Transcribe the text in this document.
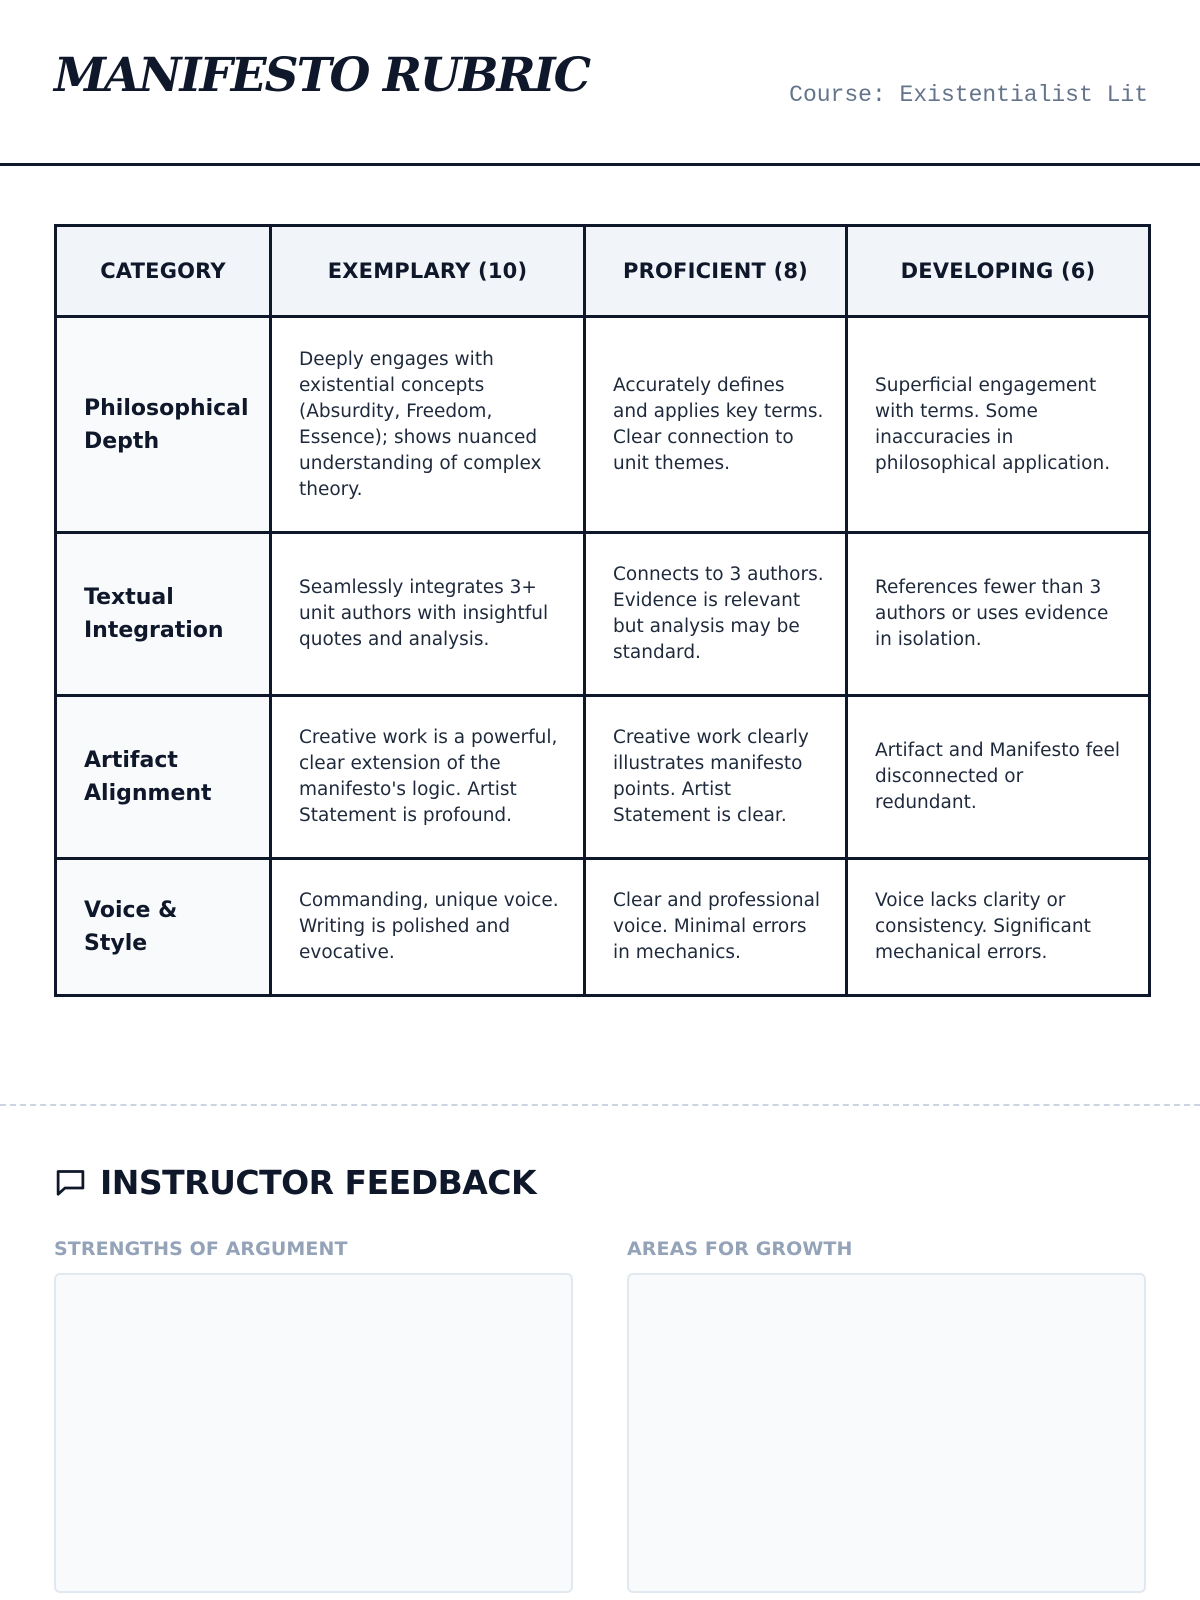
MANIFESTO RUBRIC	Course: Existentialist Lit
CATEGORY	EXEMPLARY (10)	PROFICIENT (8)	DEVELOPING (6)
Philosophical Depth	Deeply engages with existential concepts (Absurdity, Freedom, Essence); shows nuanced understanding of complex theory.	Accurately defines and applies key terms. Clear connection to unit themes.	Superficial engagement with terms. Some inaccuracies in philosophical application.
Textual Integration	Seamlessly integrates 3+ unit authors with insightful quotes and analysis.	Connects to 3 authors. Evidence is relevant but analysis may be standard.	References fewer than 3 authors or uses evidence in isolation.
Artifact Alignment	Creative work is a powerful, clear extension of the manifesto's logic. Artist Statement is profound.	Creative work clearly illustrates manifesto points. Artist Statement is clear.	Artifact and Manifesto feel disconnected or redundant.
Voice & Style	Commanding, unique voice. Writing is polished and evocative.	Clear and professional voice. Minimal errors in mechanics.	Voice lacks clarity or consistency. Significant mechanical errors.
INSTRUCTOR FEEDBACK
STRENGTHS OF ARGUMENT	AREAS FOR GROWTH
